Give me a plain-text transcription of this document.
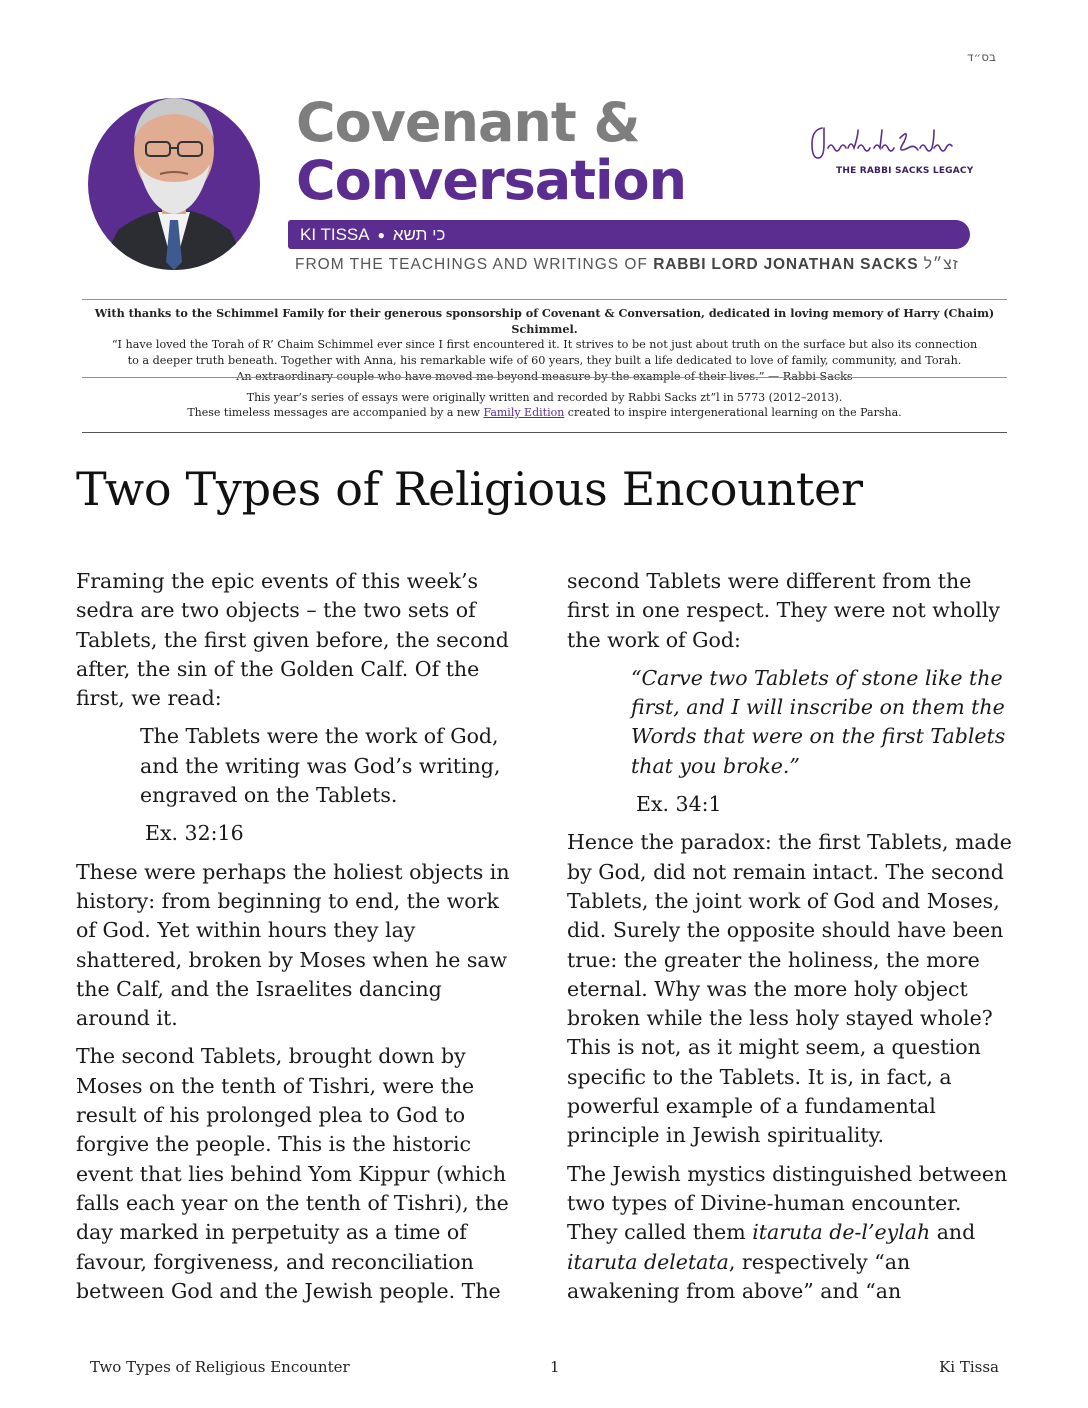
בס״ד
Covenant &
Conversation	THE RABBI SACKS LEGACY
KI TISSA ● כי תשא
FROM THE TEACHINGS AND WRITINGS OF RABBI LORD JONATHAN SACKS זצ״ל
With thanks to the Schimmel Family for their generous sponsorship of Covenant & Conversation, dedicated in loving memory of Harry (Chaim) Schimmel.
“I have loved the Torah of R’ Chaim Schimmel ever since I first encountered it. It strives to be not just about truth on the surface but also its connection
to a deeper truth beneath. Together with Anna, his remarkable wife of 60 years, they built a life dedicated to love of family, community, and Torah.
An extraordinary couple who have moved me beyond measure by the example of their lives.” — Rabbi Sacks
This year’s series of essays were originally written and recorded by Rabbi Sacks zt”l in 5773 (2012–2013).
These timeless messages are accompanied by a new Family Edition created to inspire intergenerational learning on the Parsha.
Two Types of Religious Encounter

Framing the epic events of this week’s sedra are two objects – the two sets of Tablets, the first given before, the second after, the sin of the Golden Calf. Of the first, we read:

The Tablets were the work of God, and the writing was God’s writing, engraved on the Tablets.

Ex. 32:16

These were perhaps the holiest objects in history: from beginning to end, the work of God. Yet within hours they lay shattered, broken by Moses when he saw the Calf, and the Israelites dancing around it.

The second Tablets, brought down by Moses on the tenth of Tishri, were the result of his prolonged plea to God to forgive the people. This is the historic event that lies behind Yom Kippur (which falls each year on the tenth of Tishri), the day marked in perpetuity as a time of favour, forgiveness, and reconciliation between God and the Jewish people. The

second Tablets were different from the first in one respect. They were not wholly the work of God:

“Carve two Tablets of stone like the first, and I will inscribe on them the Words that were on the first Tablets that you broke.”

Ex. 34:1

Hence the paradox: the first Tablets, made by God, did not remain intact. The second Tablets, the joint work of God and Moses, did. Surely the opposite should have been true: the greater the holiness, the more eternal. Why was the more holy object broken while the less holy stayed whole? This is not, as it might seem, a question specific to the Tablets. It is, in fact, a powerful example of a fundamental principle in Jewish spirituality.

The Jewish mystics distinguished between two types of Divine-human encounter. They called them itaruta de-l’eylah and itaruta deletata, respectively “an awakening from above” and “an

Two Types of Religious Encounter	1	Ki Tissa
